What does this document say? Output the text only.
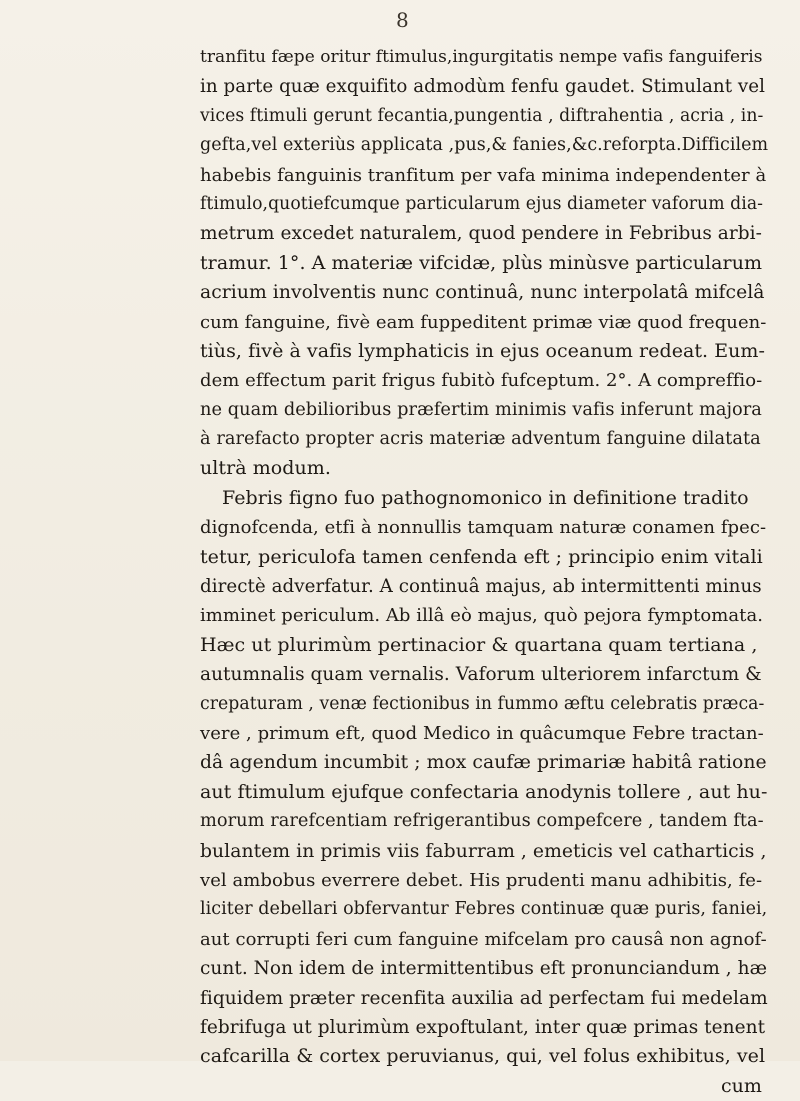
8
tranfitu fæpe oritur ftimulus,ingurgitatis nempe vafis fanguiferis
in parte quæ exquifito admodùm fenfu gaudet. Stimulant vel
vices ftimuli gerunt fecantia,pungentia , diftrahentia , acria , in-
gefta,vel exteriùs applicata ,pus,& fanies,&c.reforpta.Difficilem
habebis fanguinis tranfitum per vafa minima independenter à
ftimulo,quotiefcumque particularum ejus diameter vaforum dia-
metrum excedet naturalem, quod pendere in Febribus arbi-
tramur. 1°. A materiæ vifcidæ, plùs minùsve particularum
acrium involventis nunc continuâ, nunc interpolatâ mifcelâ
cum fanguine, fivè eam fuppeditent primæ viæ quod frequen-
tiùs, fivè à vafis lymphaticis in ejus oceanum redeat. Eum-
dem effectum parit frigus fubitò fufceptum. 2°. A compreffio-
ne quam debilioribus præfertim minimis vafis inferunt majora
à rarefacto propter acris materiæ adventum fanguine dilatata
ultrà modum.
Febris figno fuo pathognomonico in definitione tradito
dignofcenda, etfi à nonnullis tamquam naturæ conamen fpec-
tetur, periculofa tamen cenfenda eft ; principio enim vitali
directè adverfatur. A continuâ majus, ab intermittenti minus
imminet periculum. Ab illâ eò majus, quò pejora fymptomata.
Hæc ut plurimùm pertinacior & quartana quam tertiana ,
autumnalis quam vernalis. Vaforum ulteriorem infarctum &
crepaturam , venæ fectionibus in fummo æftu celebratis præca-
vere , primum eft, quod Medico in quâcumque Febre tractan-
dâ agendum incumbit ; mox caufæ primariæ habitâ ratione
aut ftimulum ejufque confectaria anodynis tollere , aut hu-
morum rarefcentiam refrigerantibus compefcere , tandem fta-
bulantem in primis viis faburram , emeticis vel catharticis ,
vel ambobus everrere debet. His prudenti manu adhibitis, fe-
liciter debellari obfervantur Febres continuæ quæ puris, faniei,
aut corrupti feri cum fanguine mifcelam pro causâ non agnof-
cunt. Non idem de intermittentibus eft pronunciandum , hæ
fiquidem præter recenfita auxilia ad perfectam fui medelam
febrifuga ut plurimùm expoftulant, inter quæ primas tenent
cafcarilla & cortex peruvianus, qui, vel folus exhibitus, vel
cum
